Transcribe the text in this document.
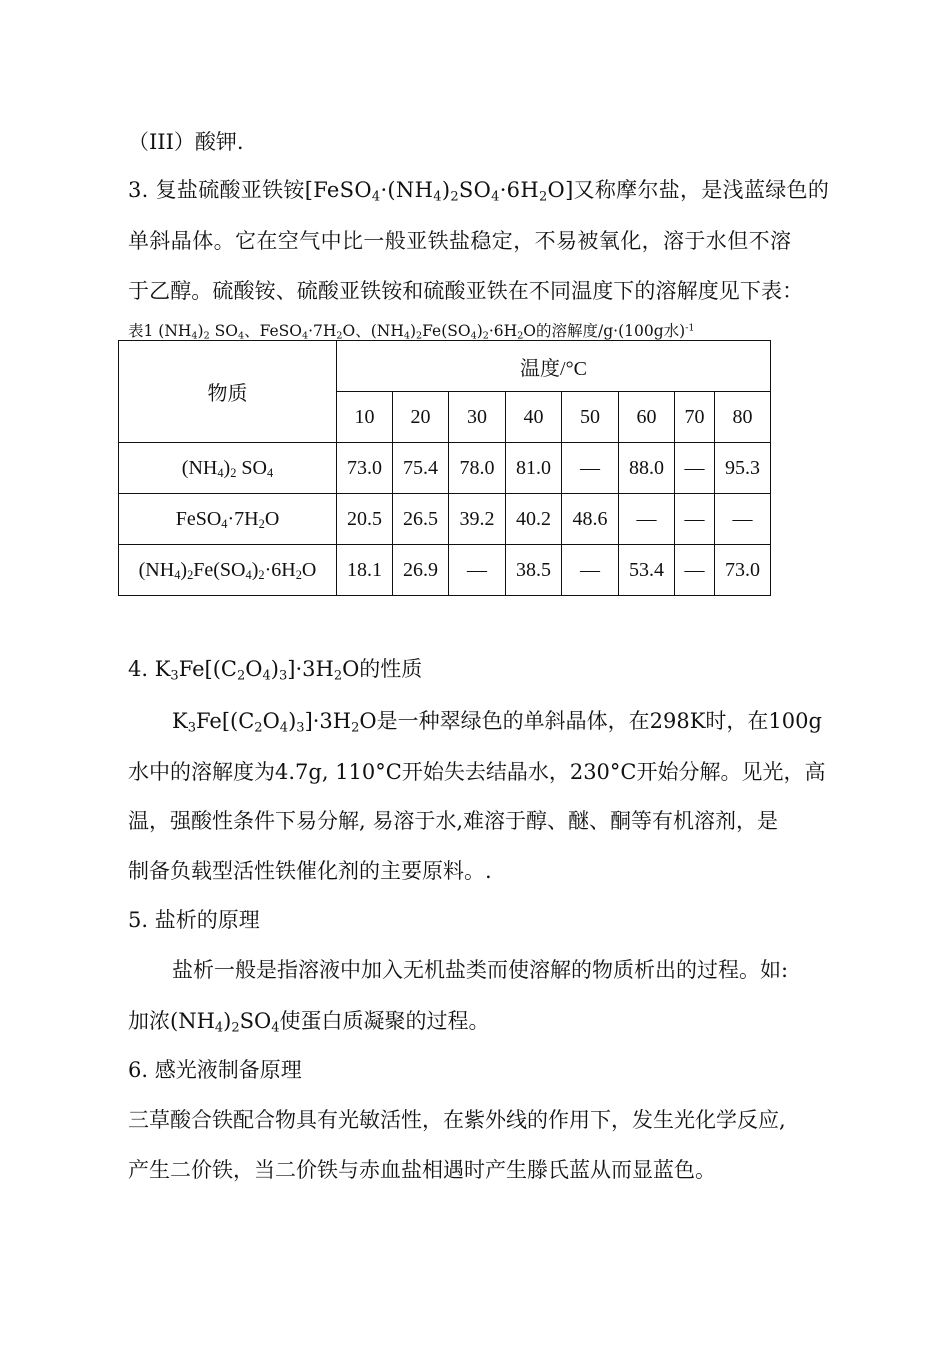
（III）酸钾.
3. 复盐硫酸亚铁铵$[FeSO_4\cdot(NH_4)_2SO_4\cdot 6H_2O]$又称摩尔盐，是浅蓝绿色的
单斜晶体。它在空气中比一般亚铁盐稳定，不易被氧化，溶于水但不溶
于乙醇。硫酸铵、硫酸亚铁铵和硫酸亚铁在不同温度下的溶解度见下表：
表1 $(NH_4)_2$ $SO_4$、$FeSO_4\cdot 7H_2O$、$(NH_4)_2Fe(SO_4)_2\cdot 6H_2O$的溶解度/g·(100g水)$^{-1}$
物质	温度/°C							
	10	20	30	40	50	60	70	80
$(NH_4)_2$ $SO_4$	73.0	75.4	78.0	81.0	—	88.0	—	95.3
$FeSO_4\cdot 7H_2O$	20.5	26.5	39.2	40.2	48.6	—	—	—
$(NH_4)_2Fe(SO_4)_2\cdot 6H_2O$	18.1	26.9	—	38.5	—	53.4	—	73.0
4. $K_3Fe[(C_2O_4)_3]\cdot 3H_2O$的性质
$K_3Fe[(C_2O_4)_3]\cdot 3H_2O$是一种翠绿色的单斜晶体，在298K时，在100g
水中的溶解度为4.7g, 110°C开始失去结晶水，230°C开始分解。见光，高
温，强酸性条件下易分解, 易溶于水,难溶于醇、醚、酮等有机溶剂，是
制备负载型活性铁催化剂的主要原料。.
5. 盐析的原理
盐析一般是指溶液中加入无机盐类而使溶解的物质析出的过程。如:
加浓$(NH_4)_2SO_4$使蛋白质凝聚的过程。
6. 感光液制备原理
三草酸合铁配合物具有光敏活性，在紫外线的作用下，发生光化学反应,
产生二价铁，当二价铁与赤血盐相遇时产生滕氏蓝从而显蓝色。
